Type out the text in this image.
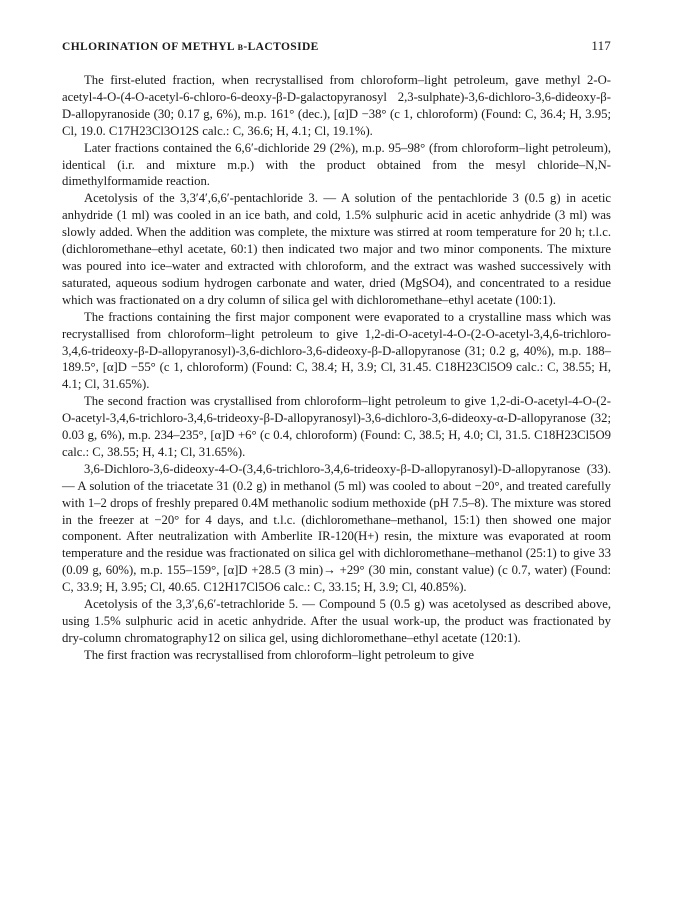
CHLORINATION OF METHYL β-LACTOSIDE	117

The first-eluted fraction, when recrystallised from chloroform–light petroleum, gave methyl 2-O-acetyl-4-O-(4-O-acetyl-6-chloro-6-deoxy-β-D-galactopyranosyl 2,3-sulphate)-3,6-dichloro-3,6-dideoxy-β-D-allopyranoside (30; 0.17 g, 6%), m.p. 161° (dec.), [α]D −38° (c 1, chloroform) (Found: C, 36.4; H, 3.95; Cl, 19.0. C17H23Cl3O12S calc.: C, 36.6; H, 4.1; Cl, 19.1%).

Later fractions contained the 6,6′-dichloride 29 (2%), m.p. 95–98° (from chloroform–light petroleum), identical (i.r. and mixture m.p.) with the product obtained from the mesyl chloride–N,N-dimethylformamide reaction.

Acetolysis of the 3,3′4′,6,6′-pentachloride 3. — A solution of the pentachloride 3 (0.5 g) in acetic anhydride (1 ml) was cooled in an ice bath, and cold, 1.5% sulphuric acid in acetic anhydride (3 ml) was slowly added. When the addition was complete, the mixture was stirred at room temperature for 20 h; t.l.c. (dichloromethane–ethyl acetate, 60:1) then indicated two major and two minor components. The mixture was poured into ice–water and extracted with chloroform, and the extract was washed successively with saturated, aqueous sodium hydrogen carbonate and water, dried (MgSO4), and concentrated to a residue which was fractionated on a dry column of silica gel with dichloromethane–ethyl acetate (100:1).

The fractions containing the first major component were evaporated to a crystalline mass which was recrystallised from chloroform–light petroleum to give 1,2-di-O-acetyl-4-O-(2-O-acetyl-3,4,6-trichloro-3,4,6-trideoxy-β-D-allopyranosyl)-3,6-dichloro-3,6-dideoxy-β-D-allopyranose (31; 0.2 g, 40%), m.p. 188–189.5°, [α]D −55° (c 1, chloroform) (Found: C, 38.4; H, 3.9; Cl, 31.45. C18H23Cl5O9 calc.: C, 38.55; H, 4.1; Cl, 31.65%).

The second fraction was crystallised from chloroform–light petroleum to give 1,2-di-O-acetyl-4-O-(2-O-acetyl-3,4,6-trichloro-3,4,6-trideoxy-β-D-allopyranosyl)-3,6-dichloro-3,6-dideoxy-α-D-allopyranose (32; 0.03 g, 6%), m.p. 234–235°, [α]D +6° (c 0.4, chloroform) (Found: C, 38.5; H, 4.0; Cl, 31.5. C18H23Cl5O9 calc.: C, 38.55; H, 4.1; Cl, 31.65%).

3,6-Dichloro-3,6-dideoxy-4-O-(3,4,6-trichloro-3,4,6-trideoxy-β-D-allopyranosyl)-D-allopyranose (33). — A solution of the triacetate 31 (0.2 g) in methanol (5 ml) was cooled to about −20°, and treated carefully with 1–2 drops of freshly prepared 0.4M methanolic sodium methoxide (pH 7.5–8). The mixture was stored in the freezer at −20° for 4 days, and t.l.c. (dichloromethane–methanol, 15:1) then showed one major component. After neutralization with Amberlite IR-120(H+) resin, the mixture was evaporated at room temperature and the residue was fractionated on silica gel with dichloromethane–methanol (25:1) to give 33 (0.09 g, 60%), m.p. 155–159°, [α]D +28.5 (3 min)→ +29° (30 min, constant value) (c 0.7, water) (Found: C, 33.9; H, 3.95; Cl, 40.65. C12H17Cl5O6 calc.: C, 33.15; H, 3.9; Cl, 40.85%).

Acetolysis of the 3,3′,6,6′-tetrachloride 5. — Compound 5 (0.5 g) was acetolysed as described above, using 1.5% sulphuric acid in acetic anhydride. After the usual work-up, the product was fractionated by dry-column chromatography12 on silica gel, using dichloromethane–ethyl acetate (120:1).

The first fraction was recrystallised from chloroform–light petroleum to give
